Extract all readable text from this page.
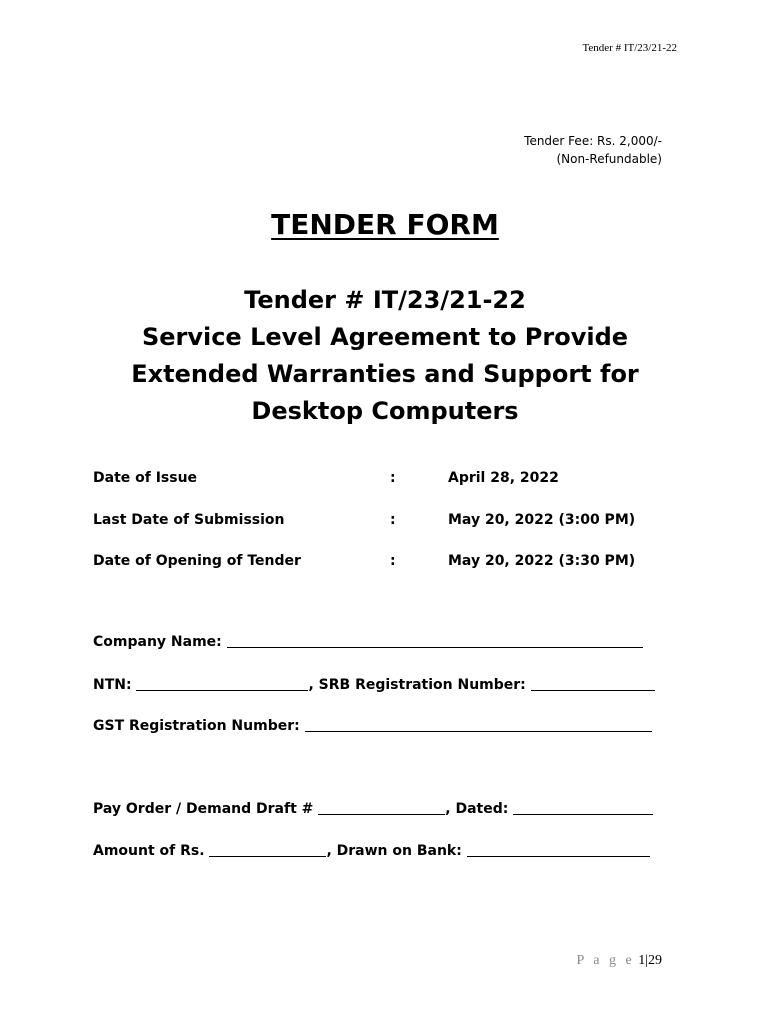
Tender # IT/23/21-22
Tender Fee: Rs. 2,000/-
(Non-Refundable)
TENDER FORM
Tender # IT/23/21-22
Service Level Agreement to Provide
Extended Warranties and Support for
Desktop Computers
Date of Issue	:	April 28, 2022
Last Date of Submission	:	May 20, 2022 (3:00 PM)
Date of Opening of Tender	:	May 20, 2022 (3:30 PM)
Company Name:
NTN:	, SRB Registration Number:
GST Registration Number:
Pay Order / Demand Draft #	, Dated:
Amount of Rs.	, Drawn on Bank:
P a g e 1|29
